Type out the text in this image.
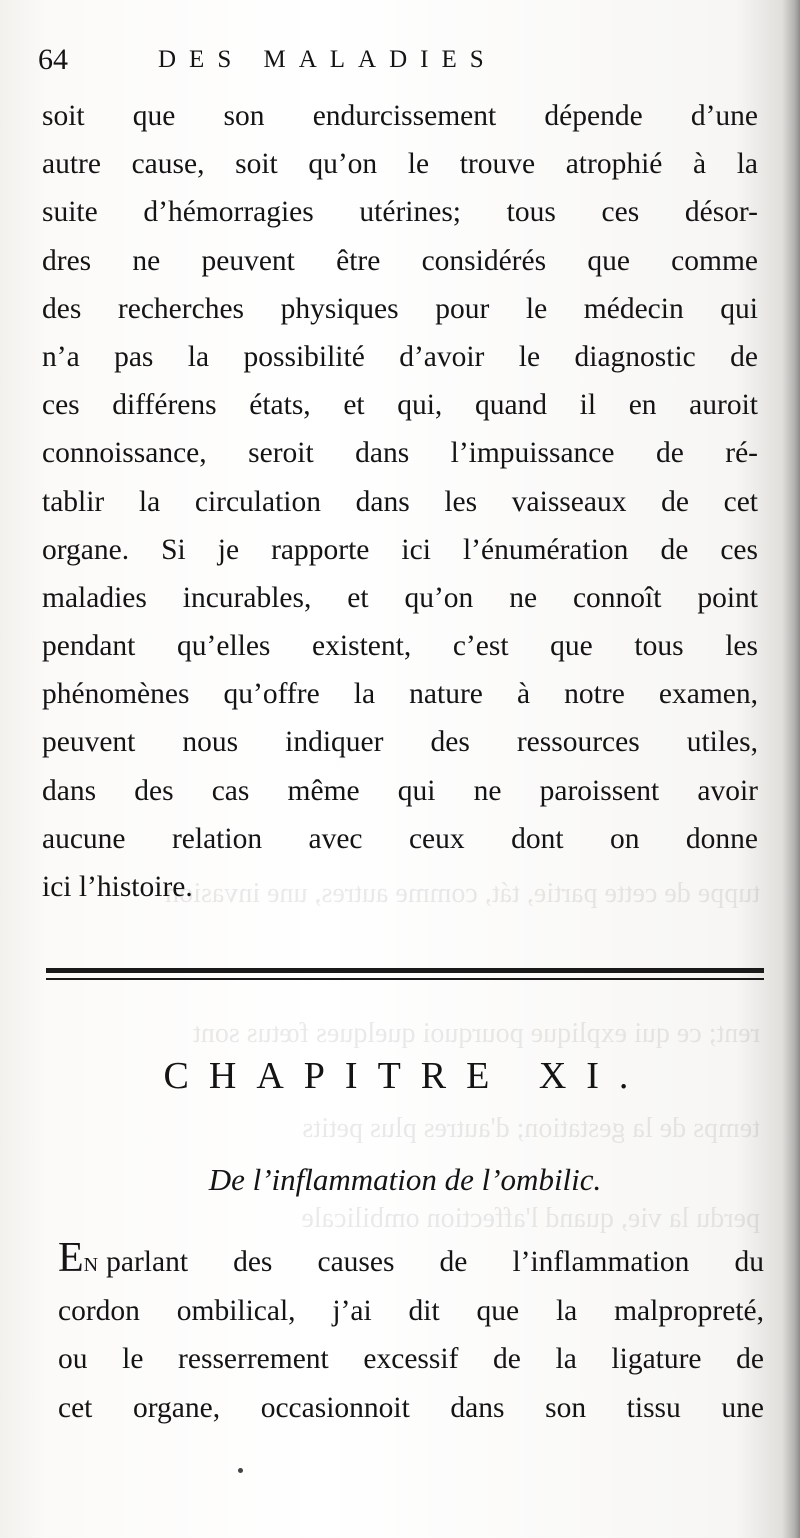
tuppe de cette partie, tát, comme autres, une invasion
rent; ce qui explique pourquoi quelques fœtus sont
temps de la gestation; d'autres plus petits
perdu la vie, quand l'affection ombilicale
64	DES MALADIES
soit que son endurcissement dépende d’une
autre cause, soit qu’on le trouve atrophié à la
suite d’hémorragies utérines; tous ces désor-
dres ne peuvent être considérés que comme
des recherches physiques pour le médecin qui
n’a pas la possibilité d’avoir le diagnostic de
ces différens états, et qui, quand il en auroit
connoissance, seroit dans l’impuissance de ré-
tablir la circulation dans les vaisseaux de cet
organe. Si je rapporte ici l’énumération de ces
maladies incurables, et qu’on ne connoît point
pendant qu’elles existent, c’est que tous les
phénomènes qu’offre la nature à notre examen,
peuvent nous indiquer des ressources utiles,
dans des cas même qui ne paroissent avoir
aucune relation avec ceux dont on donne
ici l’histoire.
CHAPITRE XI.
De l’inflammation de l’ombilic.
EN parlant des causes de l’inflammation du
cordon ombilical, j’ai dit que la malpropreté,
ou le resserrement excessif de la ligature de
cet organe, occasionnoit dans son tissu une
